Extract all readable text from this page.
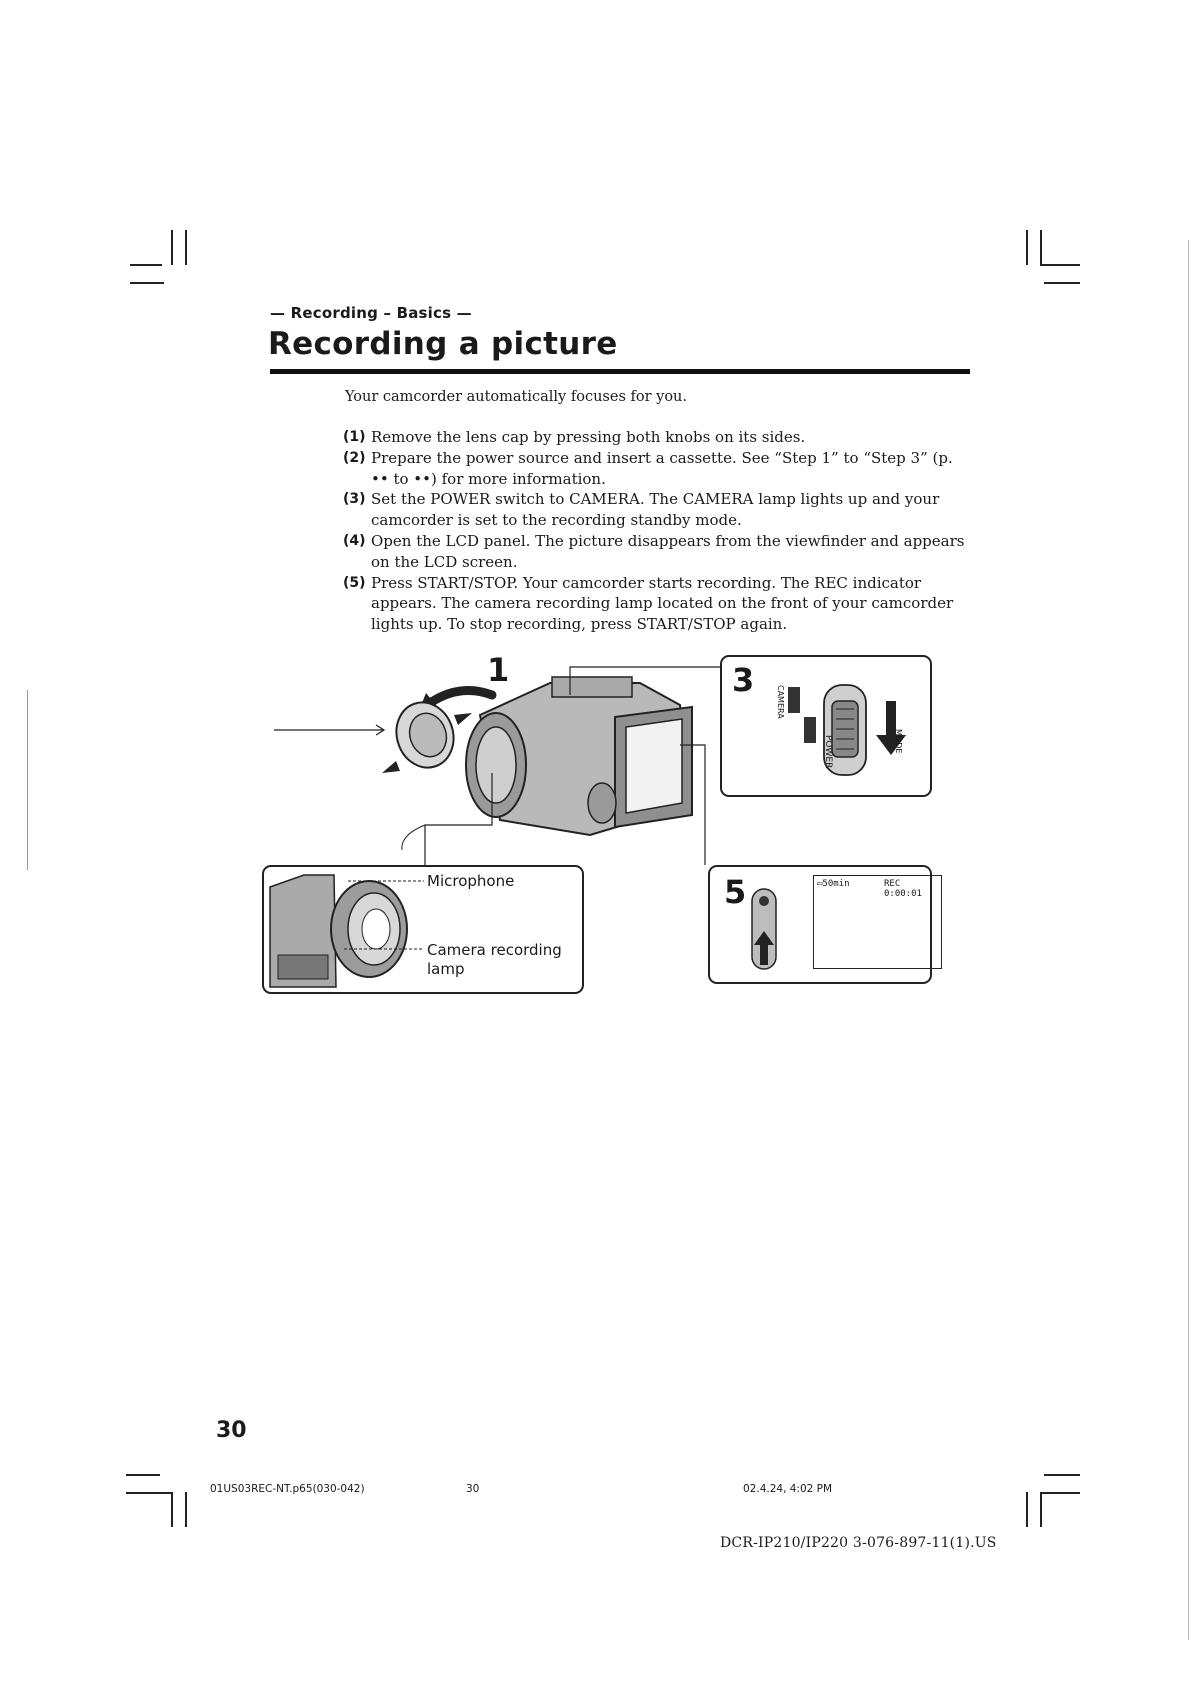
— Recording – Basics —
Recording a picture
Your camcorder automatically focuses for you.
(1) Remove the lens cap by pressing both knobs on its sides.
(2) Prepare the power source and insert a cassette. See “Step 1” to “Step 3” (p. •• to ••) for more information.
(3) Set the POWER switch to CAMERA. The CAMERA lamp lights up and your camcorder is set to the recording standby mode.
(4) Open the LCD panel. The picture disappears from the viewfinder and appears on the LCD screen.
(5) Press START/STOP. Your camcorder starts recording. The REC indicator appears. The camera recording lamp located on the front of your camcorder lights up. To stop recording, press START/STOP again.
1	3
POWER	MODE
CAMERA
Microphone
Camera recording
lamp
5	▭50min	REC 0:00:01
30
01US03REC-NT.p65(030-042)	30	02.4.24, 4:02 PM
DCR-IP210/IP220 3-076-897-11(1).US
